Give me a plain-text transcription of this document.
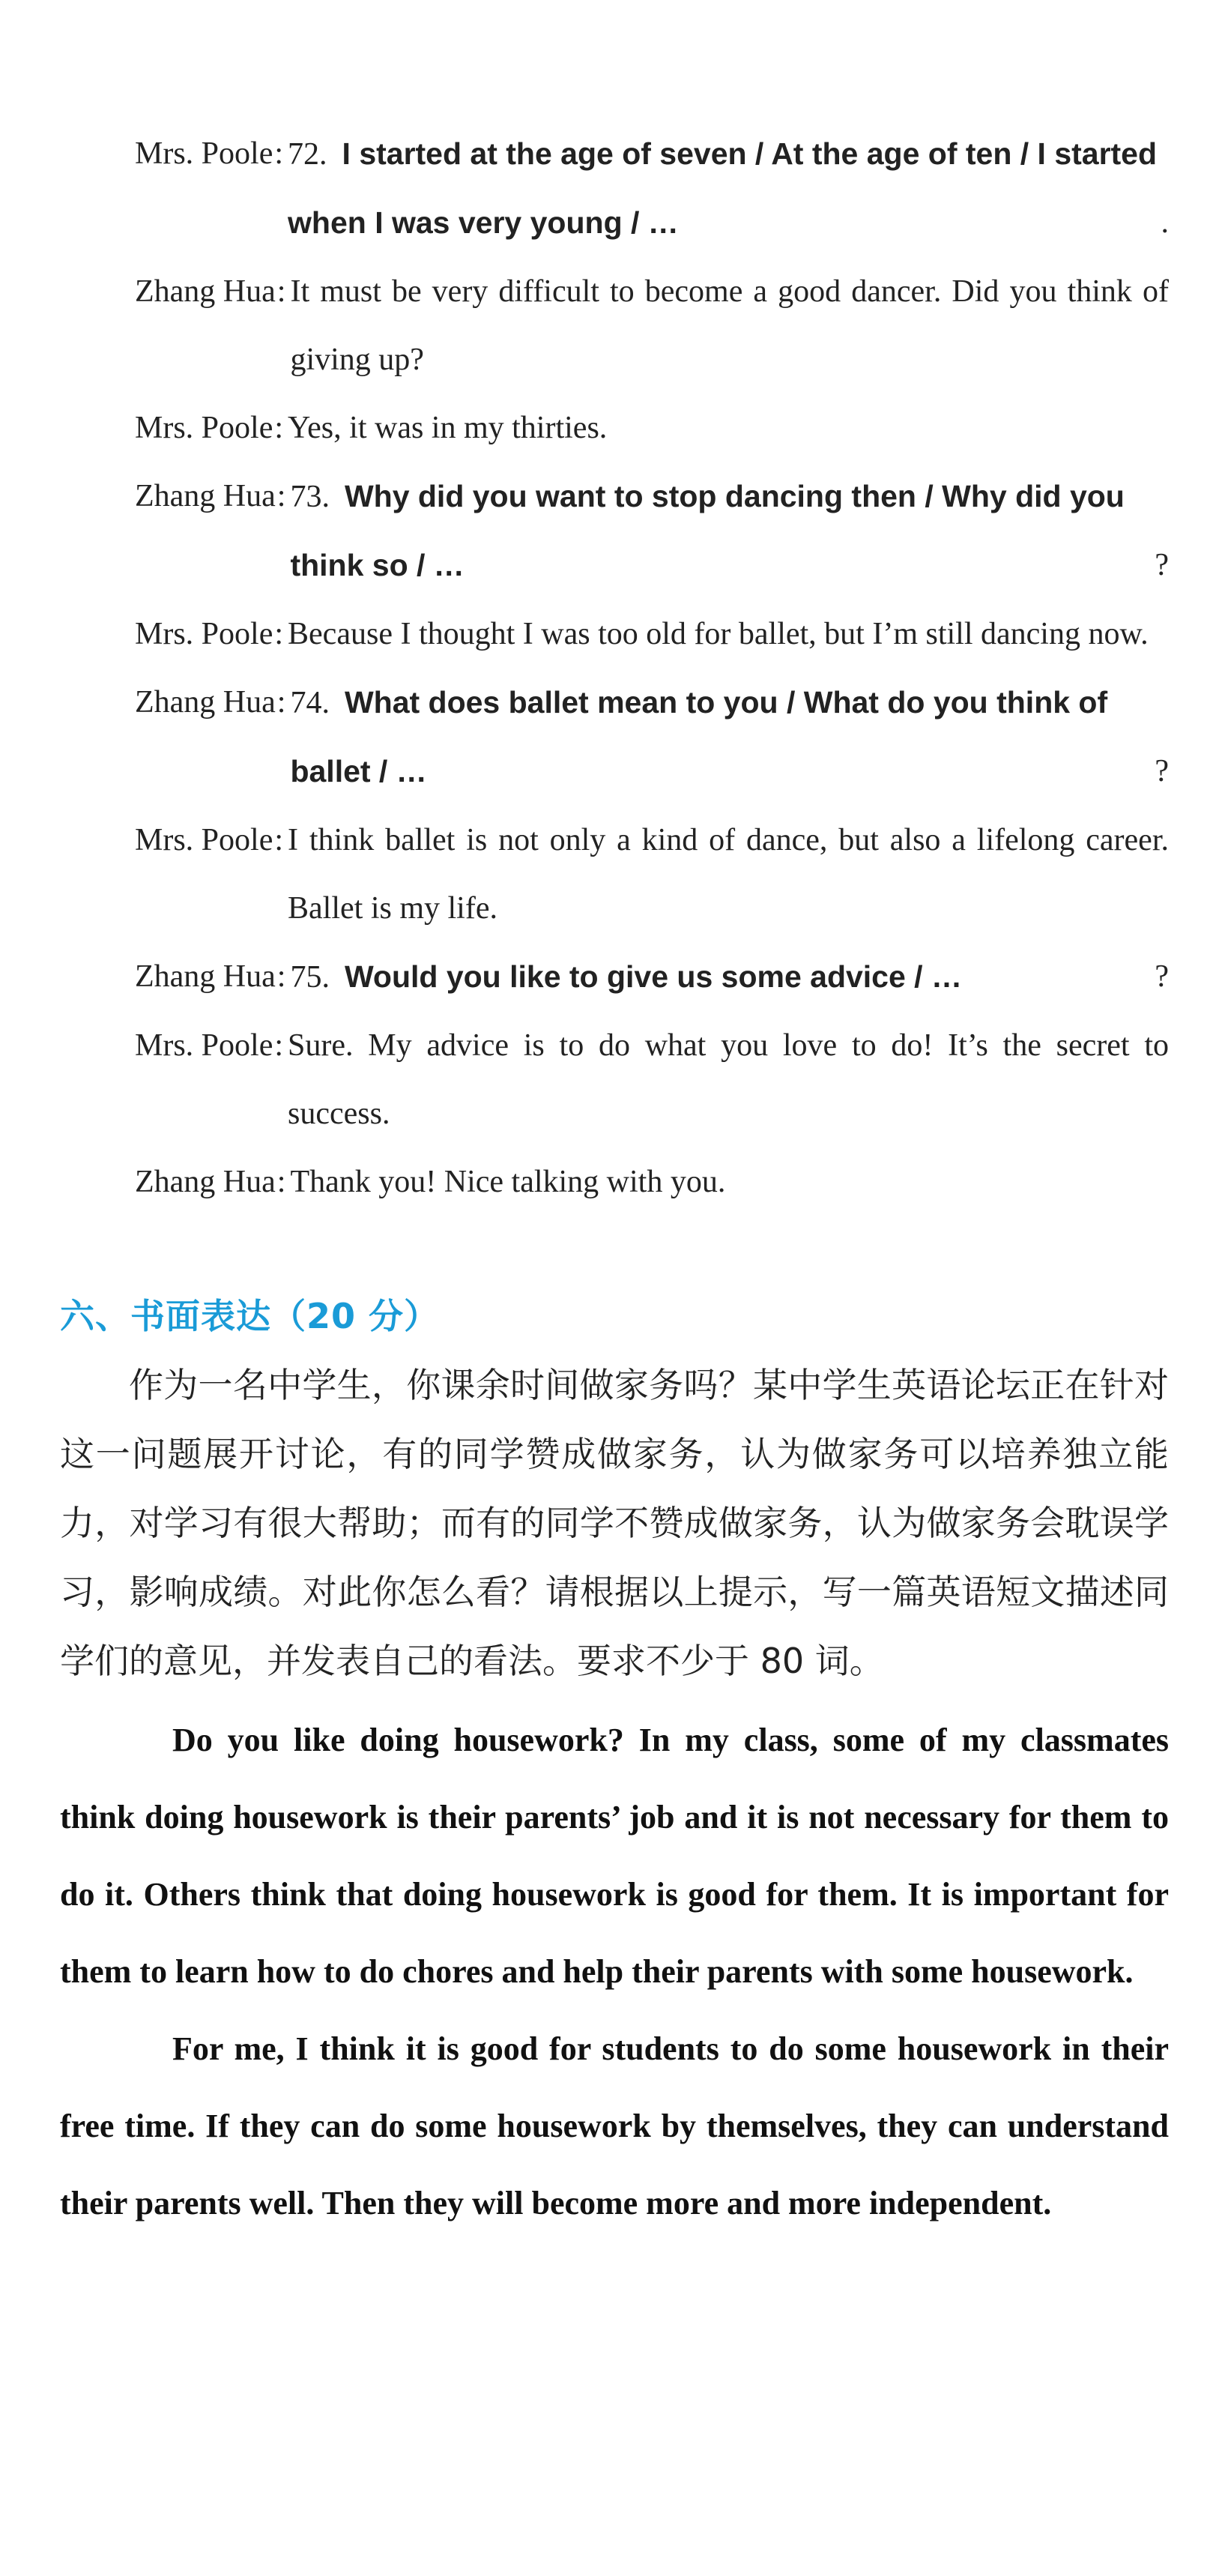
Mrs. Poole: 72. I started at the age of seven / At the age of ten / I started when I was very young / …	.
Zhang Hua: It must be very difficult to become a good dancer. Did you think of giving up?
Mrs. Poole: Yes, it was in my thirties.
Zhang Hua: 73. Why did you want to stop dancing then / Why did you think so / …	?
Mrs. Poole: Because I thought I was too old for ballet, but I’m still dancing now.
Zhang Hua: 74. What does ballet mean to you / What do you think of ballet / …	?
Mrs. Poole: I think ballet is not only a kind of dance, but also a lifelong career. Ballet is my life.
Zhang Hua: 75. Would you like to give us some advice / …	?
Mrs. Poole: Sure. My advice is to do what you love to do! It’s the secret to success.
Zhang Hua: Thank you! Nice talking with you.
六、书面表达（20 分）
作为一名中学生，你课余时间做家务吗？某中学生英语论坛正在针对这一问题展开讨论，有的同学赞成做家务，认为做家务可以培养独立能力，对学习有很大帮助；而有的同学不赞成做家务，认为做家务会耽误学习，影响成绩。对此你怎么看？请根据以上提示，写一篇英语短文描述同学们的意见，并发表自己的看法。要求不少于 80 词。

Do you like doing housework? In my class, some of my classmates think doing housework is their parents’ job and it is not necessary for them to do it. Others think that doing housework is good for them. It is important for them to learn how to do chores and help their parents with some housework.

For me, I think it is good for students to do some housework in their free time. If they can do some housework by themselves, they can understand their parents well. Then they will become more and more independent.
